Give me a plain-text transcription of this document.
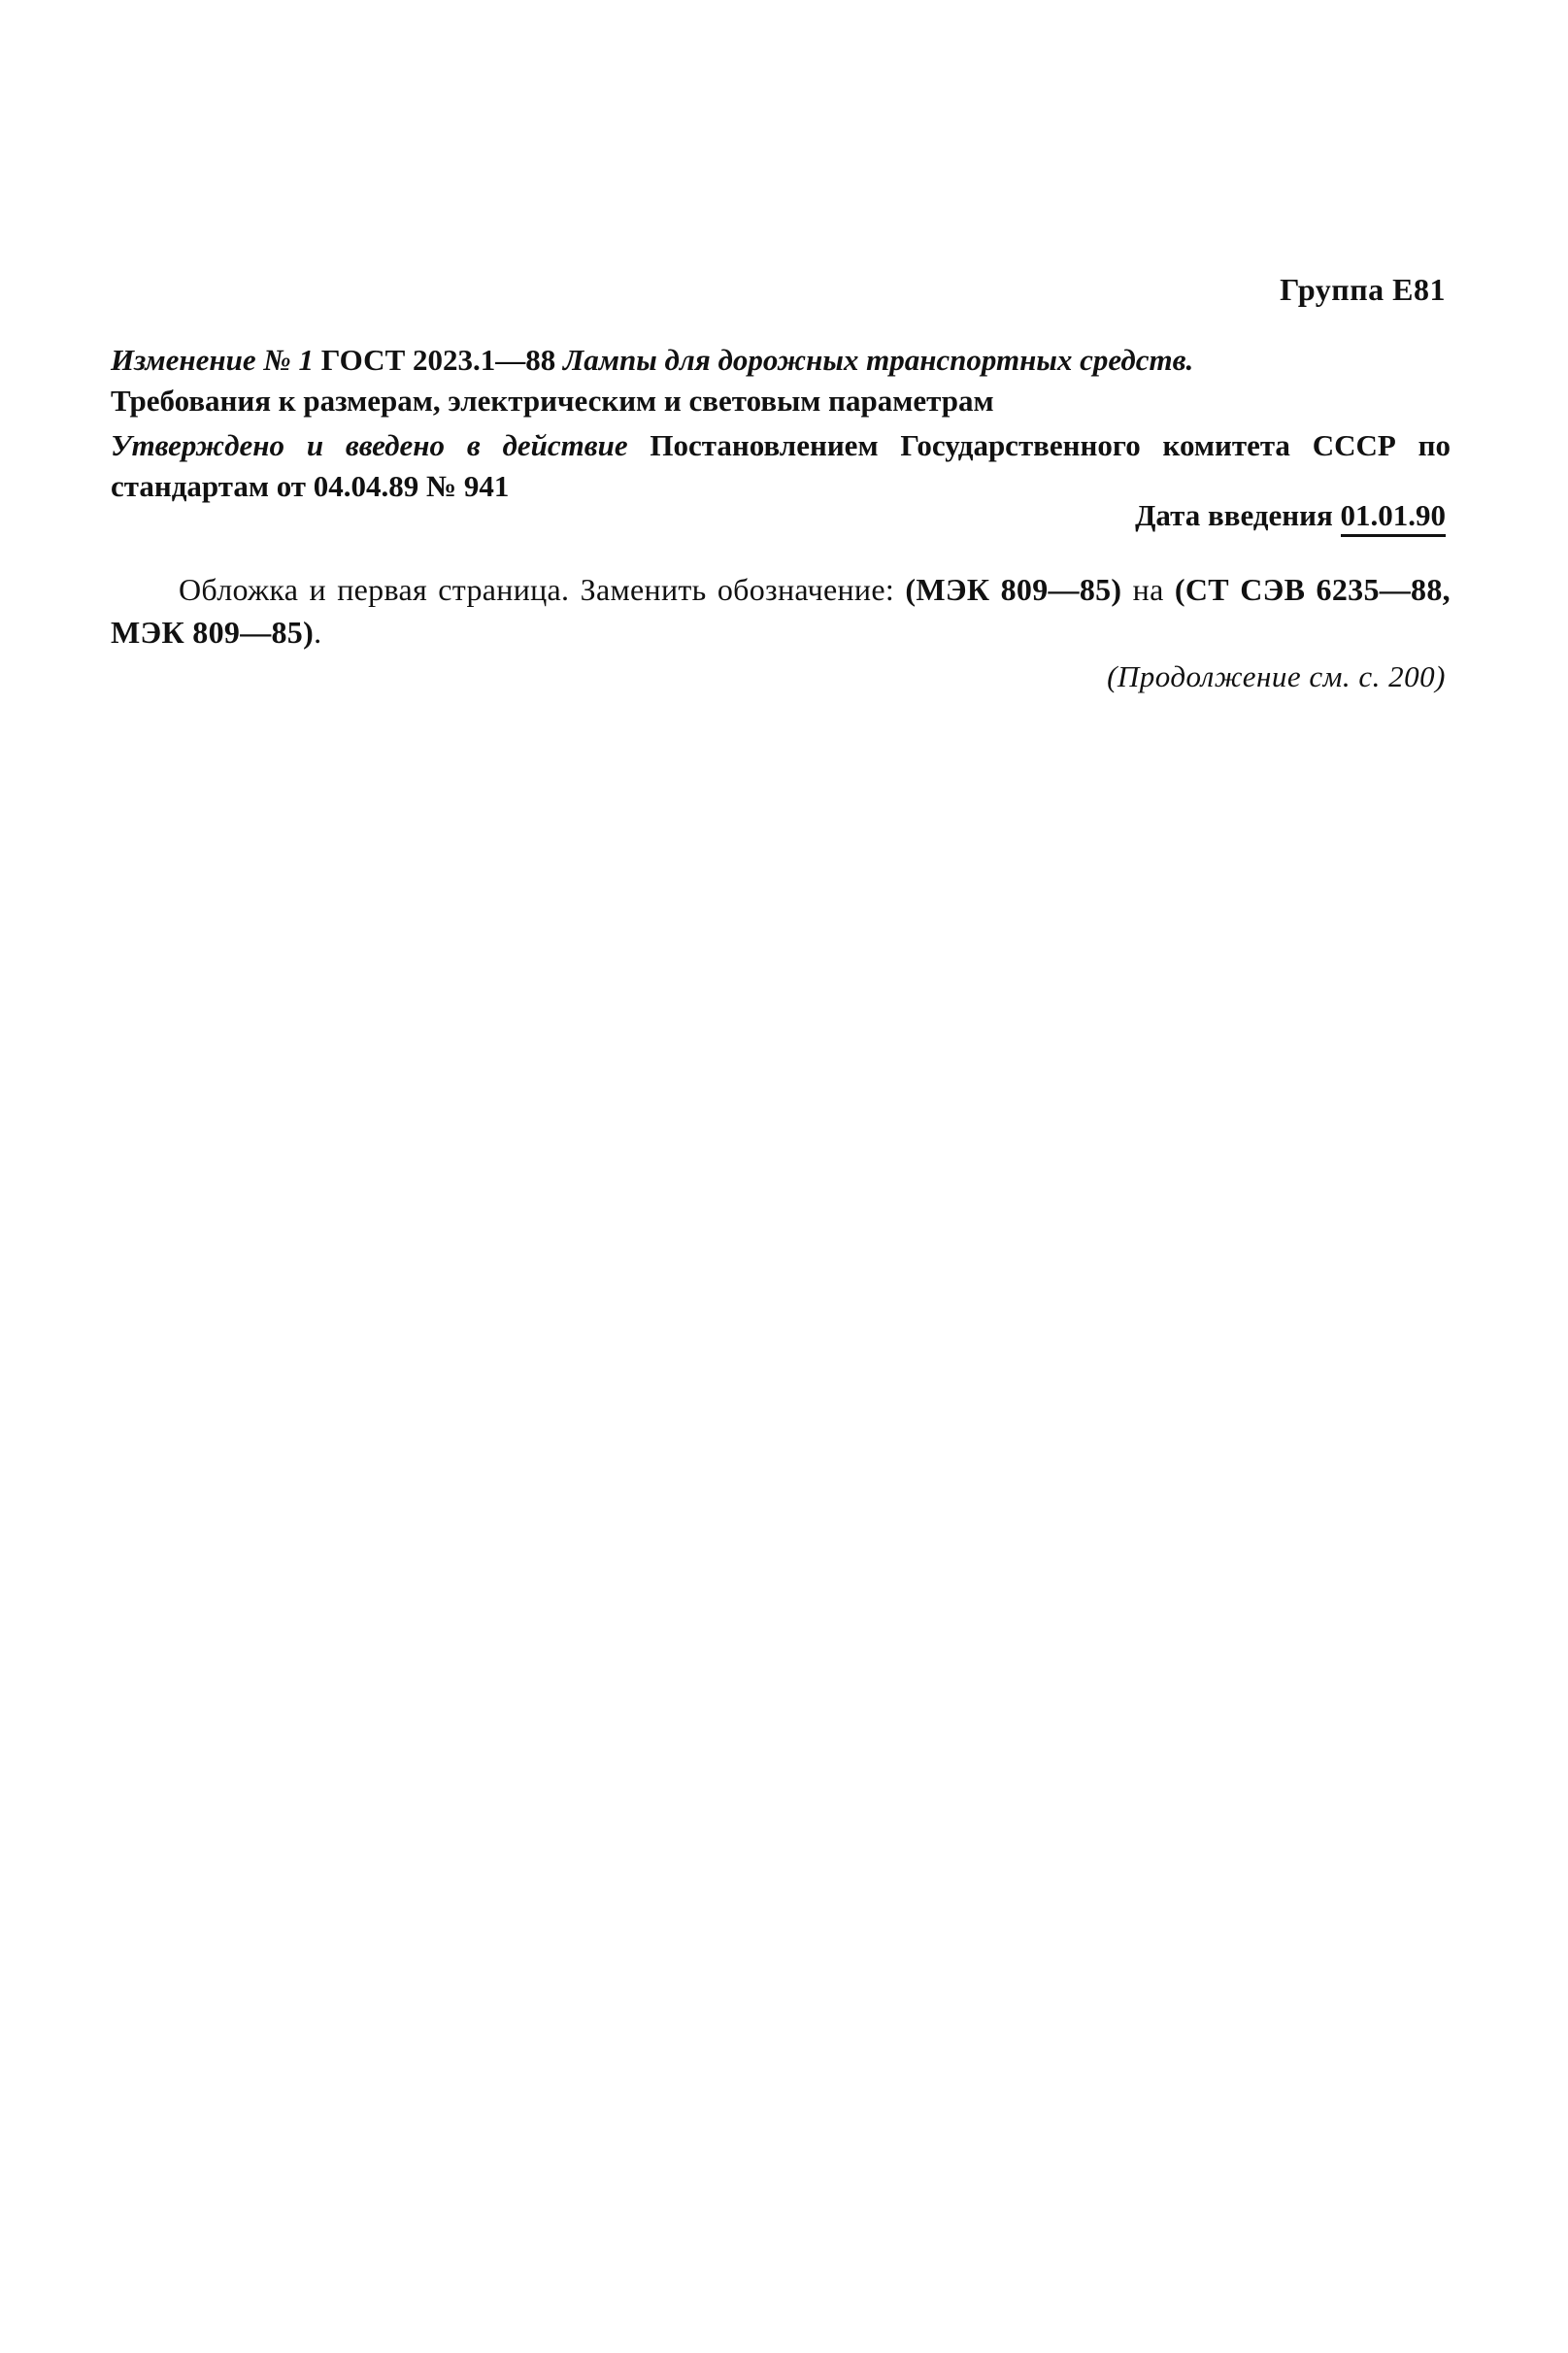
Группа Е81

Изменение № 1 ГОСТ 2023.1—88 Лампы для дорожных транспортных средств.
Требования к размерам, электрическим и световым параметрам

Утверждено и введено в действие Постановлением Государственного комитета СССР по стандартам от 04.04.89 № 941

Дата введения 01.01.90

Обложка и первая страница. Заменить обозначение: (МЭК 809—85) на (СТ СЭВ 6235—88, МЭК 809—85).

(Продолжение см. с. 200)
